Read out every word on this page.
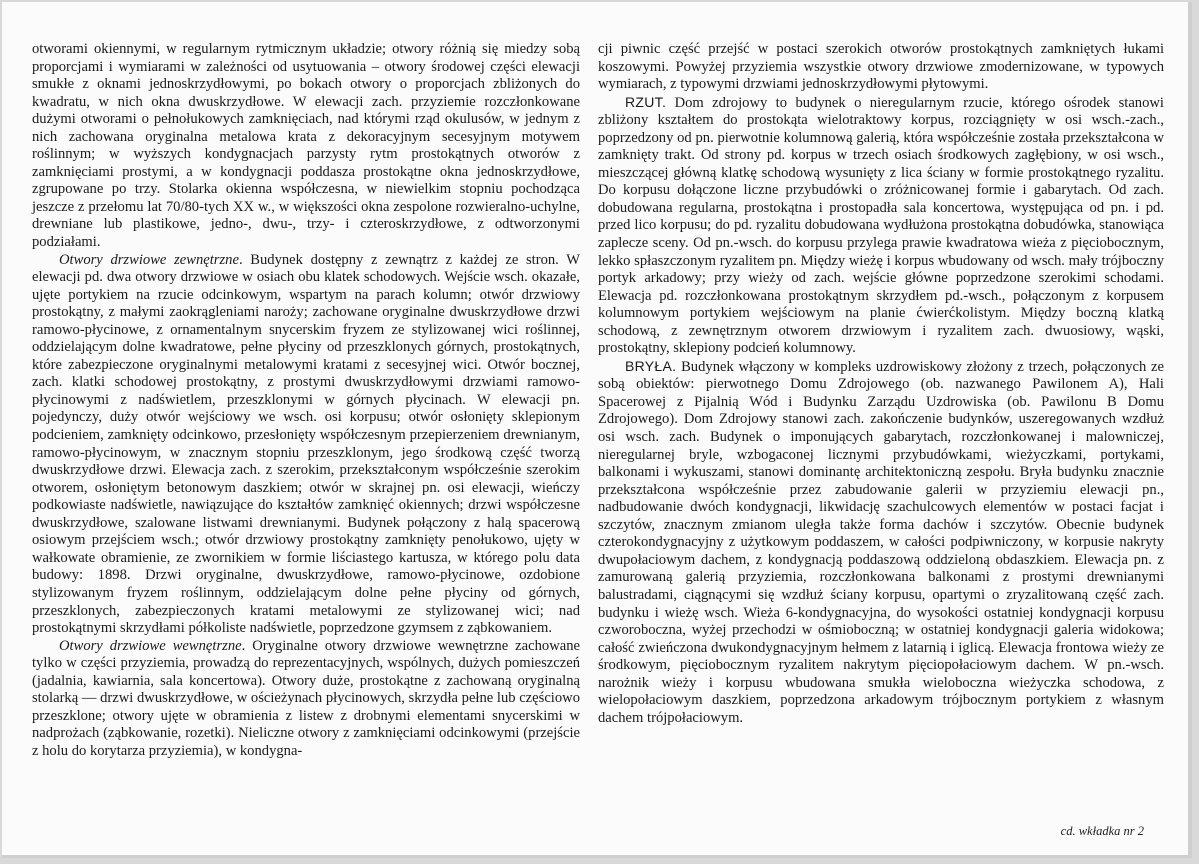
otworami okiennymi, w regularnym rytmicznym układzie; otwory różnią się miedzy sobą proporcjami i wymiarami w zależności od usytuowania – otwory środowej części elewacji smukłe z oknami jednoskrzydłowymi, po bokach otwory o proporcjach zbliżonych do kwadratu, w nich okna dwuskrzydłowe. W elewacji zach. przyziemie rozczłonkowane dużymi otworami o pełnołukowych zamknięciach, nad którymi rząd okulusów, w jednym z nich zachowana oryginalna metalowa krata z dekoracyjnym secesyjnym motywem roślinnym; w wyższych kondygnacjach parzysty rytm prostokątnych otworów z zamknięciami prostymi, a w kondygnacji poddasza prostokątne okna jednoskrzydłowe, zgrupowane po trzy. Stolarka okienna współczesna, w niewielkim stopniu pochodząca jeszcze z przełomu lat 70/80-tych XX w., w większości okna zespolone rozwieralno-uchylne, drewniane lub plastikowe, jedno-, dwu-, trzy- i czteroskrzydłowe, z odtworzonymi podziałami.

Otwory drzwiowe zewnętrzne. Budynek dostępny z zewnątrz z każdej ze stron. W elewacji pd. dwa otwory drzwiowe w osiach obu klatek schodowych. Wejście wsch. okazałe, ujęte portykiem na rzucie odcinkowym, wspartym na parach kolumn; otwór drzwiowy prostokątny, z małymi zaokrągleniami naroży; zachowane oryginalne dwuskrzydłowe drzwi ramowo-płycinowe, z ornamentalnym snycerskim fryzem ze stylizowanej wici roślinnej, oddzielającym dolne kwadratowe, pełne płyciny od przeszklonych górnych, prostokątnych, które zabezpieczone oryginalnymi metalowymi kratami z secesyjnej wici. Otwór bocznej, zach. klatki schodowej prostokątny, z prostymi dwuskrzydłowymi drzwiami ramowo-płycinowymi z nadświetlem, przeszklonymi w górnych płycinach. W elewacji pn. pojedynczy, duży otwór wejściowy we wsch. osi korpusu; otwór osłonięty sklepionym podcieniem, zamknięty odcinkowo, przesłonięty współczesnym przepierzeniem drewnianym, ramowo-płycinowym, w znacznym stopniu przeszklonym, jego środkową część tworzą dwuskrzydłowe drzwi. Elewacja zach. z szerokim, przekształconym współcześnie szerokim otworem, osłoniętym betonowym daszkiem; otwór w skrajnej pn. osi elewacji, wieńczy podkowiaste nadświetle, nawiązujące do kształtów zamknięć okiennych; drzwi współczesne dwuskrzydłowe, szalowane listwami drewnianymi. Budynek połączony z halą spacerową osiowym przejściem wsch.; otwór drzwiowy prostokątny zamknięty penołukowo, ujęty w wałkowate obramienie, ze zwornikiem w formie liściastego kartusza, w którego polu data budowy: 1898. Drzwi oryginalne, dwuskrzydłowe, ramowo-płycinowe, ozdobione stylizowanym fryzem roślinnym, oddzielającym dolne pełne płyciny od górnych, przeszklonych, zabezpieczonych kratami metalowymi ze stylizowanej wici; nad prostokątnymi skrzydłami półkoliste nadświetle, poprzedzone gzymsem z ząbkowaniem.

Otwory drzwiowe wewnętrzne. Oryginalne otwory drzwiowe wewnętrzne zachowane tylko w części przyziemia, prowadzą do reprezentacyjnych, wspólnych, dużych pomieszczeń (jadalnia, kawiarnia, sala koncertowa). Otwory duże, prostokątne z zachowaną oryginalną stolarką — drzwi dwuskrzydłowe, w ościeżynach płycinowych, skrzydła pełne lub częściowo przeszklone; otwory ujęte w obramienia z listew z drobnymi elementami snycerskimi w nadprożach (ząbkowanie, rozetki). Nieliczne otwory z zamknięciami odcinkowymi (przejście z holu do korytarza przyziemia), w kondygna-

cji piwnic część przejść w postaci szerokich otworów prostokątnych zamkniętych łukami koszowymi. Powyżej przyziemia wszystkie otwory drzwiowe zmodernizowane, w typowych wymiarach, z typowymi drzwiami jednoskrzydłowymi płytowymi.

RZUT. Dom zdrojowy to budynek o nieregularnym rzucie, którego ośrodek stanowi zbliżony kształtem do prostokąta wielotraktowy korpus, rozciągnięty w osi wsch.-zach., poprzedzony od pn. pierwotnie kolumnową galerią, która współcześnie została przekształcona w zamknięty trakt. Od strony pd. korpus w trzech osiach środkowych zagłębiony, w osi wsch., mieszczącej główną klatkę schodową wysunięty z lica ściany w formie prostokątnego ryzalitu. Do korpusu dołączone liczne przybudówki o zróżnicowanej formie i gabarytach. Od zach. dobudowana regularna, prostokątna i prostopadła sala koncertowa, występująca od pn. i pd. przed lico korpusu; do pd. ryzalitu dobudowana wydłużona prostokątna dobudówka, stanowiąca zaplecze sceny. Od pn.-wsch. do korpusu przylega prawie kwadratowa wieża z pięciobocznym, lekko spłaszczonym ryzalitem pn. Między wieżę i korpus wbudowany od wsch. mały trójboczny portyk arkadowy; przy wieży od zach. wejście główne poprzedzone szerokimi schodami. Elewacja pd. rozczłonkowana prostokątnym skrzydłem pd.-wsch., połączonym z korpusem kolumnowym portykiem wejściowym na planie ćwierćkolistym. Między boczną klatką schodową, z zewnętrznym otworem drzwiowym i ryzalitem zach. dwuosiowy, wąski, prostokątny, sklepiony podcień kolumnowy.

BRYŁA. Budynek włączony w kompleks uzdrowiskowy złożony z trzech, połączonych ze sobą obiektów: pierwotnego Domu Zdrojowego (ob. nazwanego Pawilonem A), Hali Spacerowej z Pijalnią Wód i Budynku Zarządu Uzdrowiska (ob. Pawilonu B Domu Zdrojowego). Dom Zdrojowy stanowi zach. zakończenie budynków, uszeregowanych wzdłuż osi wsch. zach. Budynek o imponujących gabarytach, rozczłonkowanej i malowniczej, nieregularnej bryle, wzbogaconej licznymi przybudówkami, wieżyczkami, portykami, balkonami i wykuszami, stanowi dominantę architektoniczną zespołu. Bryła budynku znacznie przekształcona współcześnie przez zabudowanie galerii w przyziemiu elewacji pn., nadbudowanie dwóch kondygnacji, likwidację szachulcowych elementów w postaci facjat i szczytów, znacznym zmianom uległa także forma dachów i szczytów. Obecnie budynek czterokondygnacyjny z użytkowym poddaszem, w całości podpiwniczony, w korpusie nakryty dwupołaciowym dachem, z kondygnacją poddaszową oddzieloną obdaszkiem. Elewacja pn. z zamurowaną galerią przyziemia, rozczłonkowana balkonami z prostymi drewnianymi balustradami, ciągnącymi się wzdłuż ściany korpusu, opartymi o zryzalitowaną część zach. budynku i wieżę wsch. Wieża 6-kondygnacyjna, do wysokości ostatniej kondygnacji korpusu czworoboczna, wyżej przechodzi w ośmioboczną; w ostatniej kondygnacji galeria widokowa; całość zwieńczona dwukondygnacyjnym hełmem z latarnią i iglicą. Elewacja frontowa wieży ze środkowym, pięciobocznym ryzalitem nakrytym pięciopołaciowym dachem. W pn.-wsch. narożnik wieży i korpusu wbudowana smukła wieloboczna wieżyczka schodowa, z wielopołaciowym daszkiem, poprzedzona arkadowym trójbocznym portykiem z własnym dachem trójpołaciowym.

cd. wkładka nr 2
